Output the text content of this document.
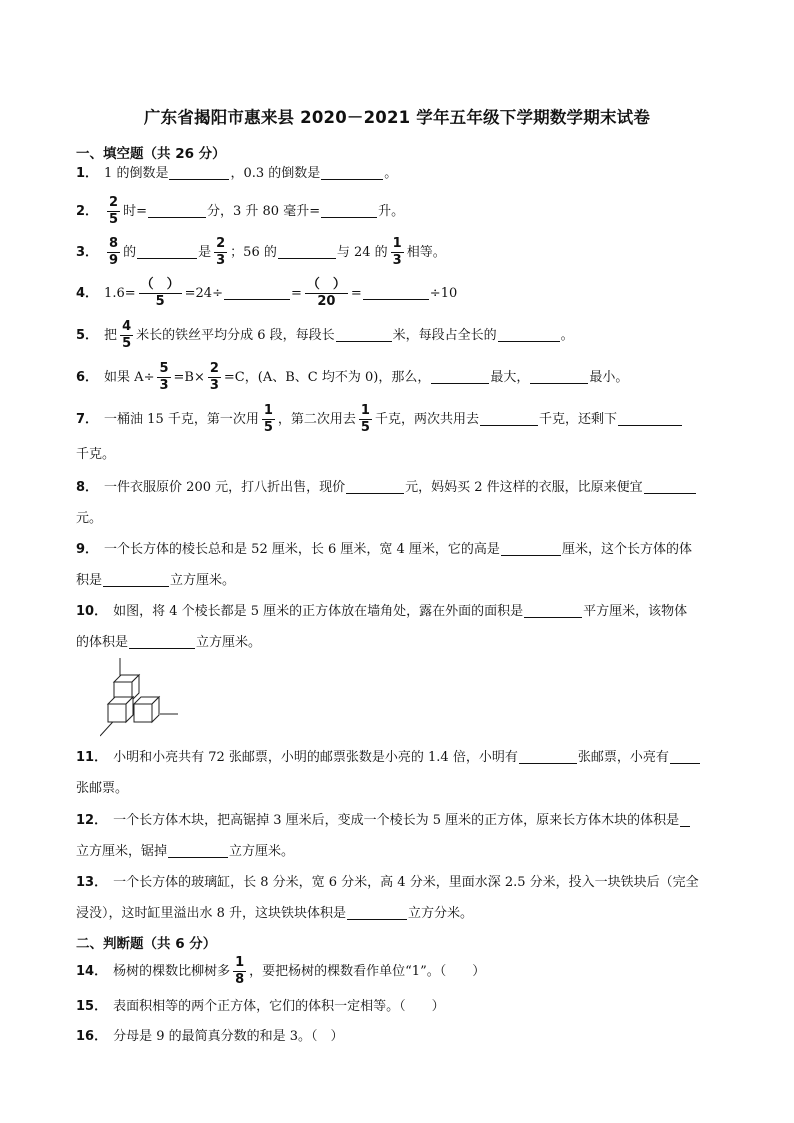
广东省揭阳市惠来县 2020－2021 学年五年级下学期数学期末试卷
一、填空题（共 26 分）
1． 1 的倒数是	，0.3 的倒数是	。
2． $\frac{2}{5}$ 时=	分，3 升 80 毫升=	升。
3． $\frac{8}{9}$ 的	是 $\frac{2}{3}$ ；56 的	与 24 的 $\frac{1}{3}$ 相等。
4． $1.6= \frac{( )}{5} =24\div$	= $\frac{( )}{20}$ =	÷10
5． 把 $\frac{4}{5}$ 米长的铁丝平均分成 6 段，每段长	米，每段占全长的	。
6． 如果 $A\div \frac{5}{3} =B\times \frac{2}{3} =C$，(A、B、C 均不为 0)，那么，	最大，	最小。
7． 一桶油 15 千克，第一次用 $\frac{1}{5}$ ，第二次用去 $\frac{1}{5}$ 千克，两次共用去	千克，还剩下
千克。
8． 一件衣服原价 200 元，打八折出售，现价	元，妈妈买 2 件这样的衣服，比原来便宜
元。
9． 一个长方体的棱长总和是 52 厘米，长 6 厘米，宽 4 厘米，它的高是	厘米，这个长方体的体
积是	立方厘米。
10． 如图，将 4 个棱长都是 5 厘米的正方体放在墙角处，露在外面的面积是	平方厘米，该物体
的体积是	立方厘米。
11． 小明和小亮共有 72 张邮票，小明的邮票张数是小亮的 1.4 倍，小明有	张邮票，小亮有
张邮票。
12． 一个长方体木块，把高锯掉 3 厘米后，变成一个棱长为 5 厘米的正方体，原来长方体木块的体积是
立方厘米，锯掉	立方厘米。
13． 一个长方体的玻璃缸，长 8 分米，宽 6 分米，高 4 分米，里面水深 2.5 分米，投入一块铁块后（完全
浸没），这时缸里溢出水 8 升，这块铁块体积是	立方分米。
二、判断题（共 6 分）
14． 杨树的棵数比柳树多 $\frac{1}{8}$ ，要把杨树的棵数看作单位“1”。（　　）
15． 表面积相等的两个正方体，它们的体积一定相等。（　　）
16． 分母是 9 的最简真分数的和是 3。（　）
